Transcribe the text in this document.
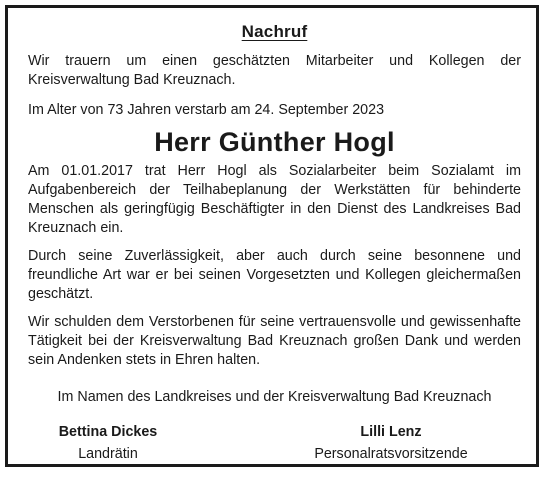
Nachruf

Wir trauern um einen geschätzten Mitarbeiter und Kollegen der Kreisverwaltung Bad Kreuznach.

Im Alter von 73 Jahren verstarb am 24. September 2023

Herr Günther Hogl

Am 01.01.2017 trat Herr Hogl als Sozialarbeiter beim Sozialamt im Aufgabenbereich der Teilhabeplanung der Werkstätten für behinderte Menschen als geringfügig Beschäftigter in den Dienst des Landkreises Bad Kreuznach ein.

Durch seine Zuverlässigkeit, aber auch durch seine besonnene und freundliche Art war er bei seinen Vorgesetzten und Kollegen gleichermaßen geschätzt.

Wir schulden dem Verstorbenen für seine vertrauensvolle und gewissenhafte Tätigkeit bei der Kreisverwaltung Bad Kreuznach großen Dank und werden sein Andenken stets in Ehren halten.

Im Namen des Landkreises und der Kreisverwaltung Bad Kreuznach
Bettina Dickes
Landrätin
Lilli Lenz
Personalratsvorsitzende
